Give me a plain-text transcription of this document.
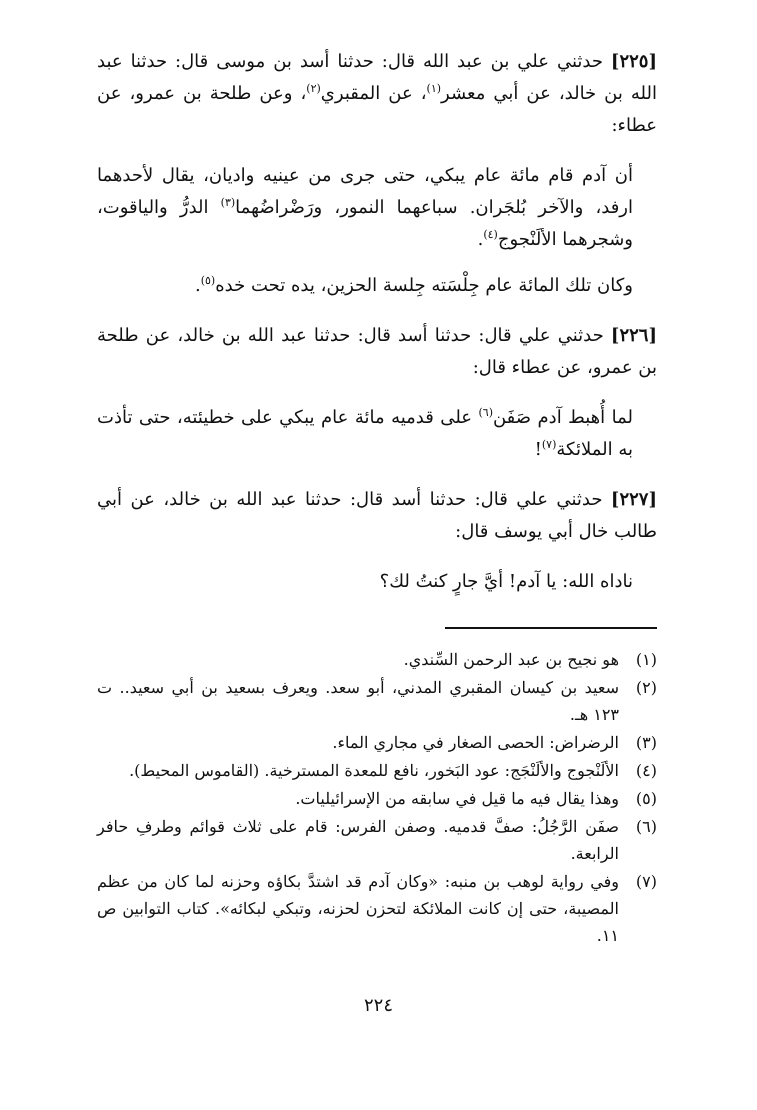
[٢٢٥] حدثني علي بن عبد الله قال: حدثنا أسد بن موسى قال: حدثنا عبد الله بن خالد، عن أبي معشر$^{(١)}$، عن المقبري$^{(٢)}$، وعن طلحة بن عمرو، عن عطاء:
أن آدم قام مائة عام يبكي، حتى جرى من عينيه واديان، يقال لأحدهما ارفد، والآخر بُلجَران. سباعهما النمور، ورَضْراضُهما$^{(٣)}$ الدرُّ والياقوت، وشجرهما الألَنْجوج$^{(٤)}$.
وكان تلك المائة عام جِلْسَته جِلسة الحزين، يده تحت خده$^{(٥)}$.
[٢٢٦] حدثني علي قال: حدثنا أسد قال: حدثنا عبد الله بن خالد، عن طلحة بن عمرو، عن عطاء قال:
لما أُهبط آدم صَفَن$^{(٦)}$ على قدميه مائة عام يبكي على خطيئته، حتى تأذت به الملائكة$^{(٧)}$!
[٢٢٧] حدثني علي قال: حدثنا أسد قال: حدثنا عبد الله بن خالد، عن أبي طالب خال أبي يوسف قال:
ناداه الله: يا آدم! أيَّ جارٍ كنتُ لك؟
(١)
هو نجيح بن عبد الرحمن السِّندي.
(٢)
سعيد بن كيسان المقبري المدني، أبو سعد. ويعرف بسعيد بن أبي سعيد.. ت ١٢٣ هـ.
(٣)
الرضراض: الحصى الصغار في مجاري الماء.
(٤)
الألَنْجوج والألَنْجَج: عود البَخور، نافع للمعدة المسترخية. (القاموس المحيط).
(٥)
وهذا يقال فيه ما قيل في سابقه من الإسرائيليات.
(٦)
صفَن الرَّجُلُ: صفَّ قدميه. وصفن الفرس: قام على ثلاث قوائم وطرفِ حافر الرابعة.
(٧)
وفي رواية لوهب بن منبه: «وكان آدم قد اشتدَّ بكاؤه وحزنه لما كان من عظم المصيبة، حتى إن كانت الملائكة لتحزن لحزنه، وتبكي لبكائه». كتاب التوابين ص ١١.
٢٢٤
